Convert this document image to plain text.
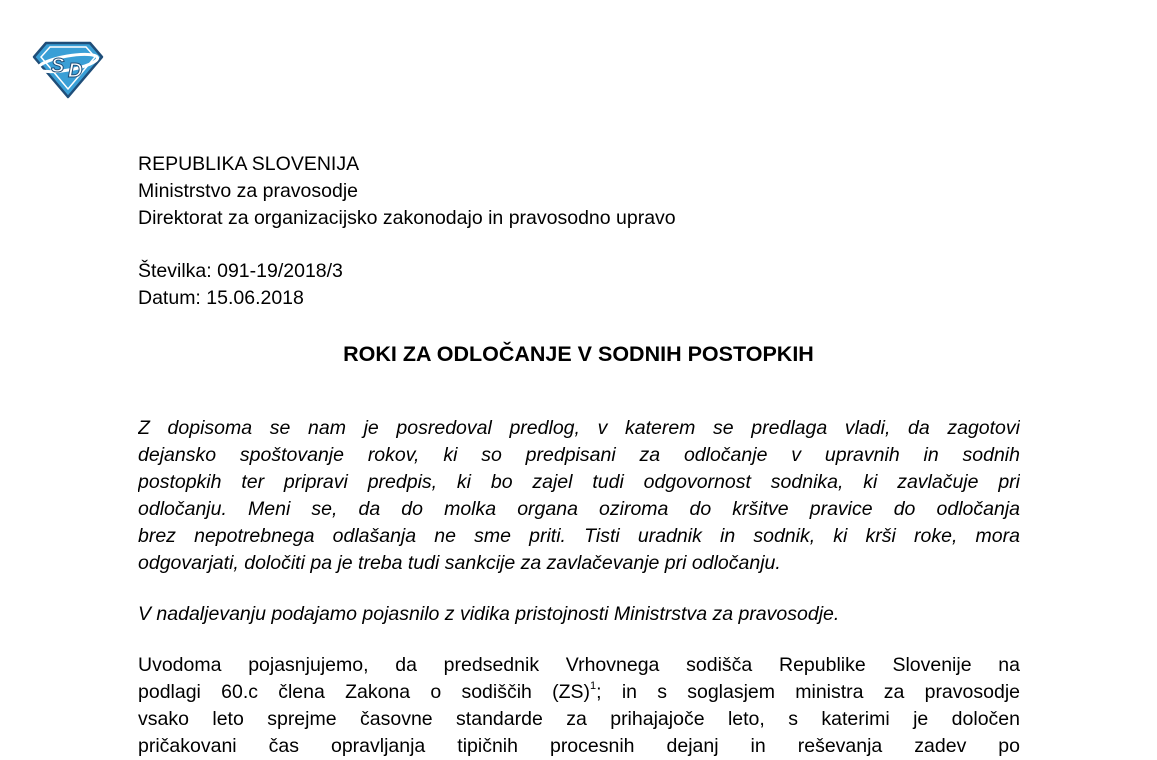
S D
REPUBLIKA SLOVENIJA
Ministrstvo za pravosodje
Direktorat za organizacijsko zakonodajo in pravosodno upravo
Številka: 091-19/2018/3
Datum: 15.06.2018
ROKI ZA ODLOČANJE V SODNIH POSTOPKIH
Z dopisoma se nam je posredoval predlog, v katerem se predlaga vladi, da zagotovi
dejansko spoštovanje rokov, ki so predpisani za odločanje v upravnih in sodnih
postopkih ter pripravi predpis, ki bo zajel tudi odgovornost sodnika, ki zavlačuje pri
odločanju. Meni se, da do molka organa oziroma do kršitve pravice do odločanja
brez nepotrebnega odlašanja ne sme priti. Tisti uradnik in sodnik, ki krši roke, mora
odgovarjati, določiti pa je treba tudi sankcije za zavlačevanje pri odločanju.
V nadaljevanju podajamo pojasnilo z vidika pristojnosti Ministrstva za pravosodje.
Uvodoma pojasnjujemo, da predsednik Vrhovnega sodišča Republike Slovenije na
podlagi 60.c člena Zakona o sodiščih (ZS)$^1$; in s soglasjem ministra za pravosodje
vsako leto sprejme časovne standarde za prihajajoče leto, s katerimi je določen
pričakovani čas opravljanja tipičnih procesnih dejanj in reševanja zadev po
